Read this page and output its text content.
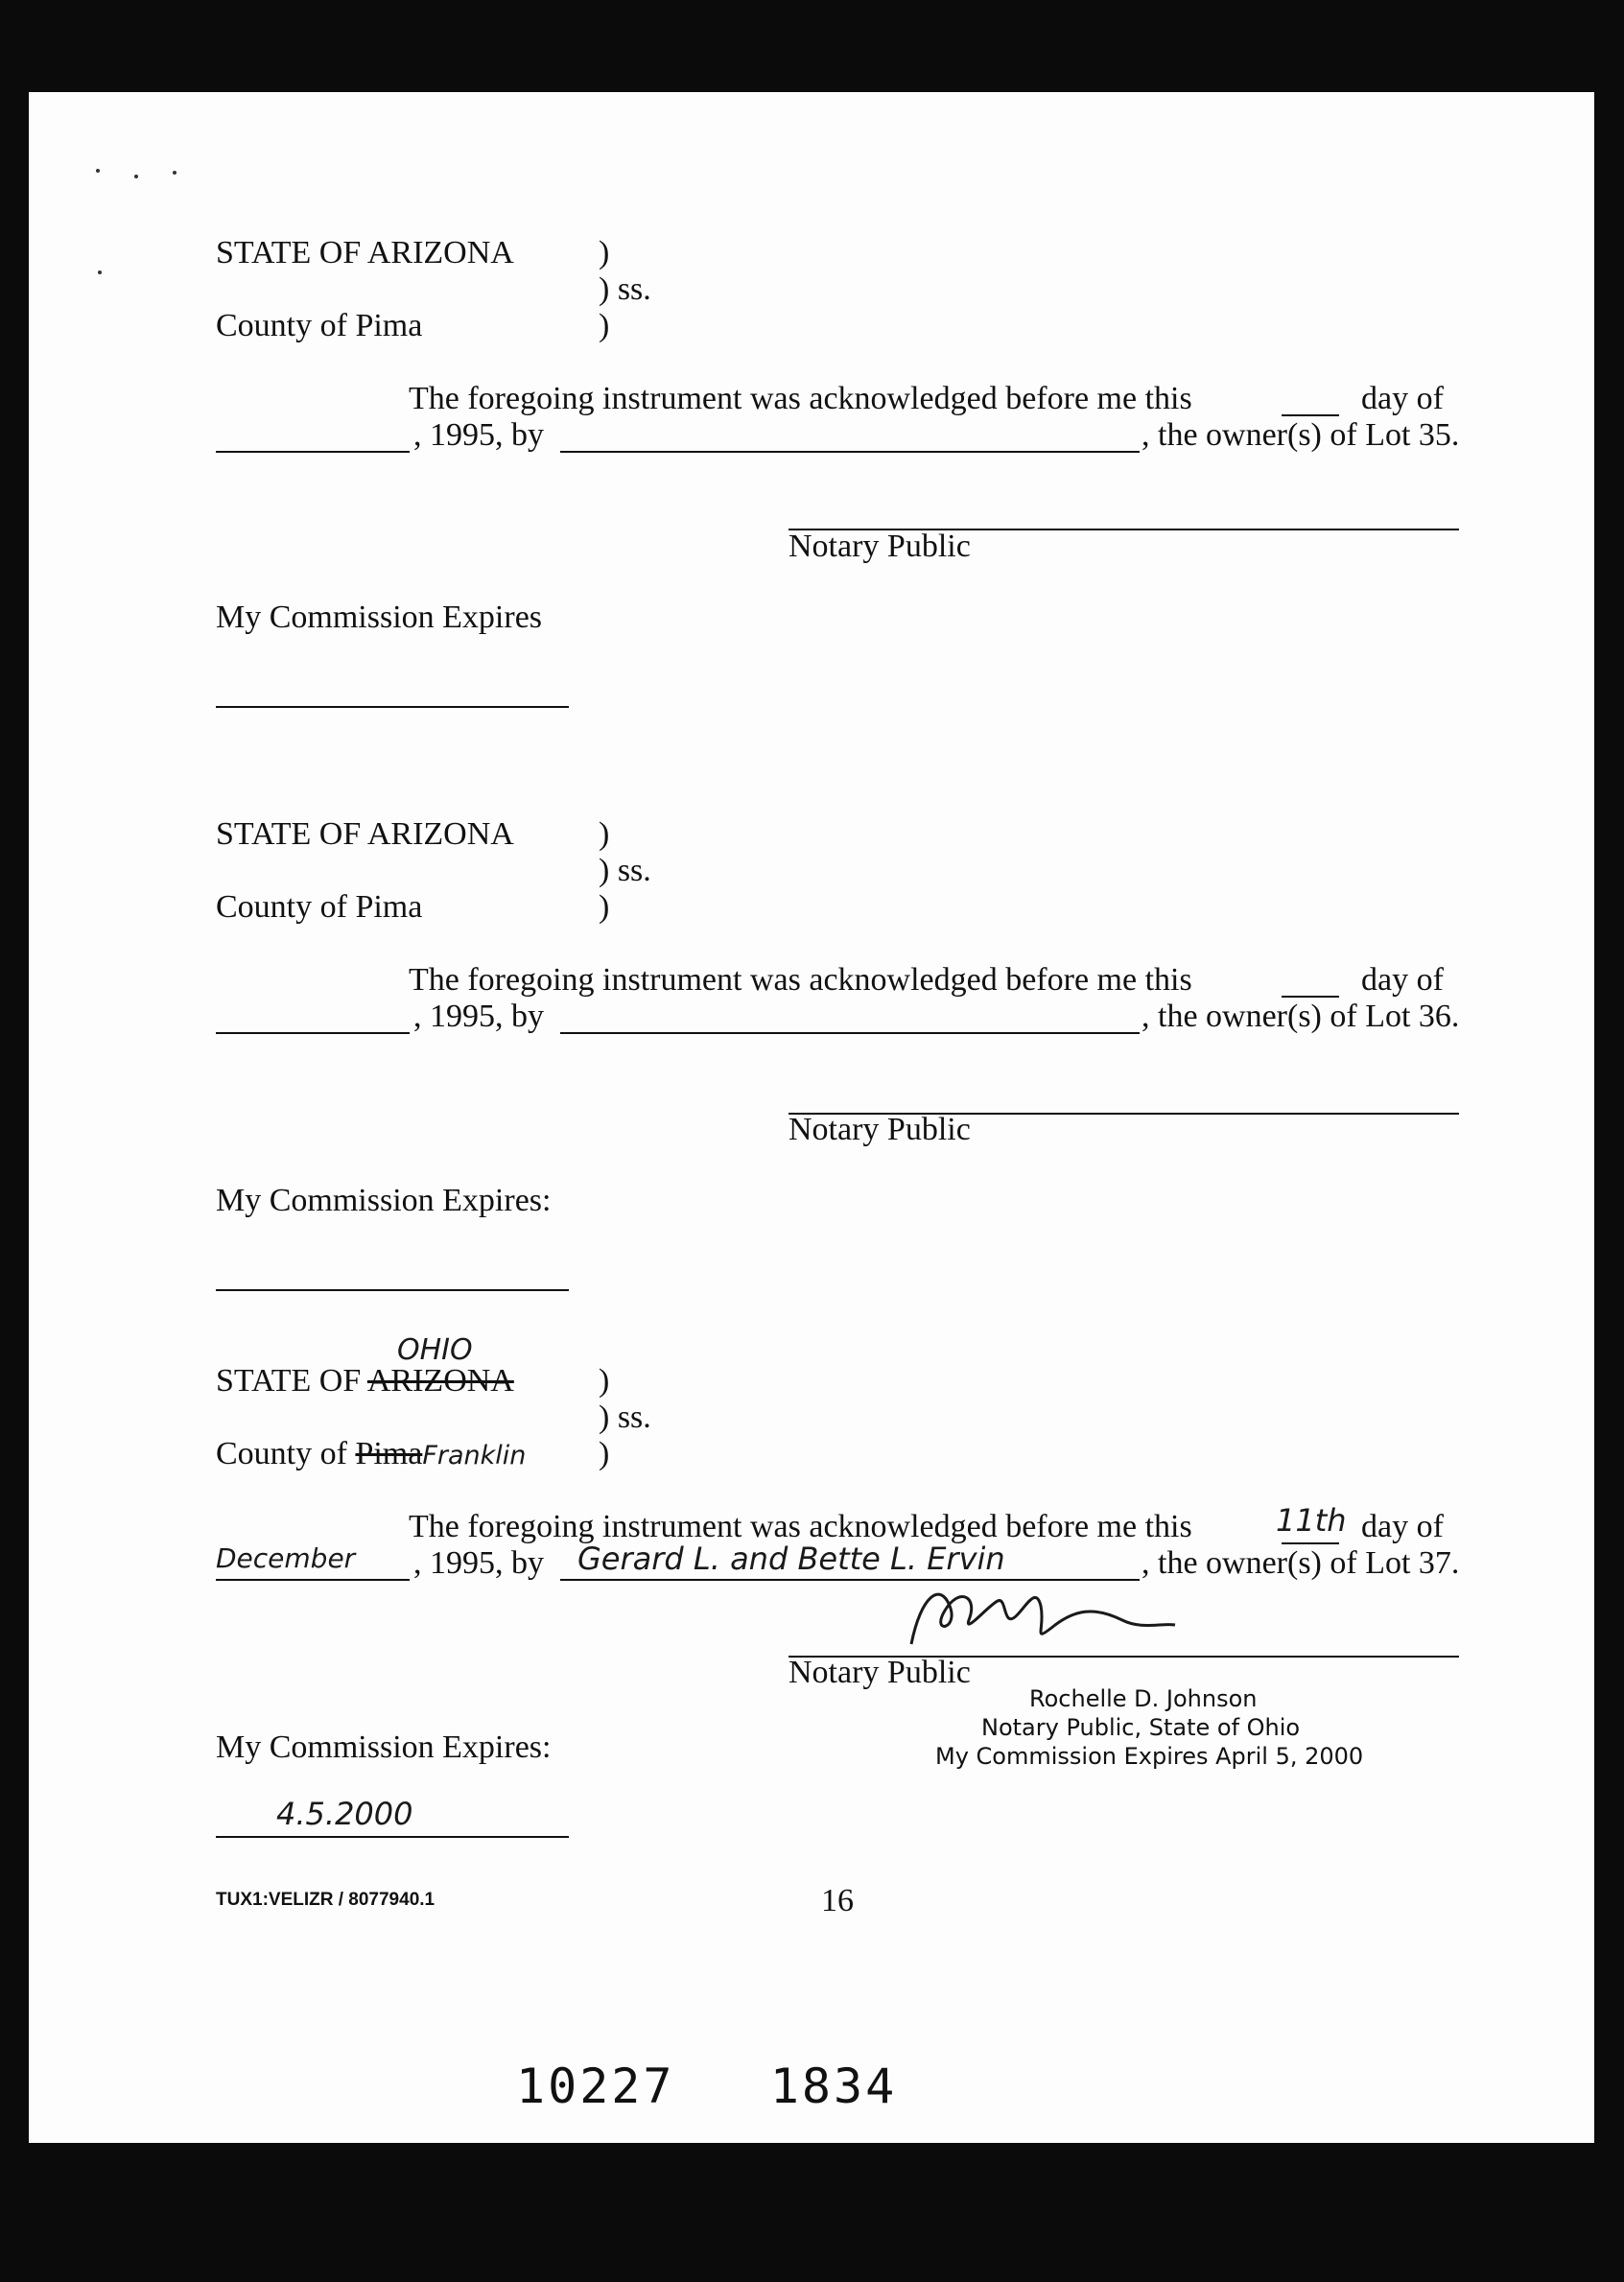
STATE OF ARIZONA	)
) ss.
County of Pima	)
The foregoing instrument was acknowledged before me this	day of
, 1995, by	, the owner(s) of Lot 35.
Notary Public
My Commission Expires
STATE OF ARIZONA	)
) ss.
County of Pima	)
The foregoing instrument was acknowledged before me this	day of
, 1995, by	, the owner(s) of Lot 36.
Notary Public
My Commission Expires:
OHIO
STATE OF ARIZONA	)
) ss.
County of PimaFranklin )
The foregoing instrument was acknowledged before me this	11th day of
December , 1995, by Gerard L. and Bette L. Ervin	, the owner(s) of Lot 37.
Notary Public
Rochelle D. Johnson
Notary Public, State of Ohio
My Commission Expires April 5, 2000
My Commission Expires:
4.5.2000
TUX1:VELIZR / 8077940.1	16
10227   1834
